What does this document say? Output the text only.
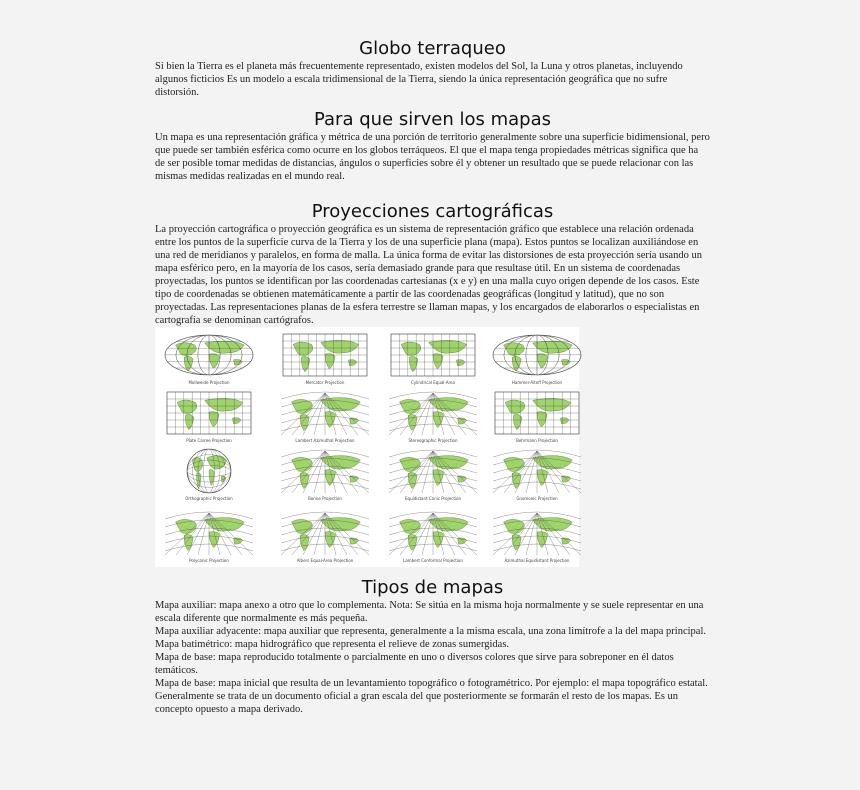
Globo terraqueo

Si bien la Tierra es el planeta más frecuentemente representado, existen modelos del Sol, la Luna y otros planetas, incluyendo algunos ficticios Es un modelo a escala tridimensional de la Tierra, siendo la única representación geográfica que no sufre distorsión.

Para que sirven los mapas

Un mapa es una representación gráfica y métrica de una porción de territorio generalmente sobre una superficie bidimensional, pero que puede ser también esférica como ocurre en los globos terráqueos. El que el mapa tenga propiedades métricas significa que ha de ser posible tomar medidas de distancias, ángulos o superficies sobre él y obtener un resultado que se puede relacionar con las mismas medidas realizadas en el mundo real.

Proyecciones cartográficas

La proyección cartográfica o proyección geográfica es un sistema de representación gráfico que establece una relación ordenada entre los puntos de la superficie curva de la Tierra y los de una superficie plana (mapa). Estos puntos se localizan auxiliándose en una red de meridianos y paralelos, en forma de malla. La única forma de evitar las distorsiones de esta proyección sería usando un mapa esférico pero, en la mayoría de los casos, sería demasiado grande para que resultase útil. En un sistema de coordenadas proyectadas, los puntos se identifican por las coordenadas cartesianas (x e y) en una malla cuyo origen depende de los casos. Este tipo de coordenadas se obtienen matemáticamente a partir de las coordenadas geográficas (longitud y latitud), que no son proyectadas. Las representaciones planas de la esfera terrestre se llaman mapas, y los encargados de elaborarlos o especialistas en cartografía se denominan cartógrafos.

Mollweide Projection	Mercator Projection	Cylindrical Equal-Area	Hammer-Aitoff Projection
Plate Carree Projection	Lambert Azimuthal Projection	Stereographic Projection	Behrmann Projection
Orthographic Projection	Bonne Projection	Equidistant Conic Projection	Gnomonic Projection
Polyconic Projection	Albers Equal-Area Projection	Lambert Conformal Projection	Azimuthal Equidistant Projection
Tipos de mapas

Mapa auxiliar: mapa anexo a otro que lo complementa. Nota: Se sitúa en la misma hoja normalmente y se suele representar en una escala diferente que normalmente es más pequeña.

Mapa auxiliar adyacente: mapa auxiliar que representa, generalmente a la misma escala, una zona limítrofe a la del mapa principal.

Mapa batimétrico: mapa hidrográfico que representa el relieve de zonas sumergidas.

Mapa de base: mapa reproducido totalmente o parcialmente en uno o diversos colores que sirve para sobreponer en él datos temáticos.

Mapa de base: mapa inicial que resulta de un levantamiento topográfico o fotogramétrico. Por ejemplo: el mapa topográfico estatal. Generalmente se trata de un documento oficial a gran escala del que posteriormente se formarán el resto de los mapas. Es un concepto opuesto a mapa derivado.
